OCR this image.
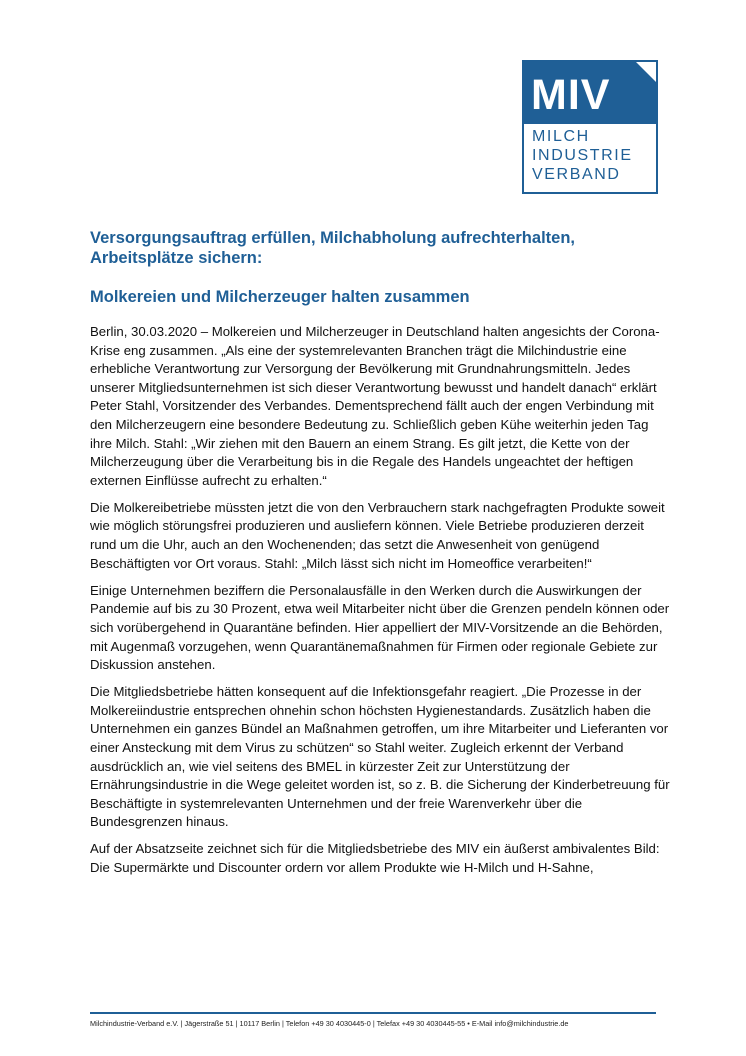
MIV
MILCH
INDUSTRIE
VERBAND
Versorgungsauftrag erfüllen, Milchabholung aufrechterhalten, Arbeitsplätze sichern:
Molkereien und Milcherzeuger halten zusammen

Berlin, 30.03.2020 – Molkereien und Milcherzeuger in Deutschland halten angesichts der Corona-Krise eng zusammen. „Als eine der systemrelevanten Branchen trägt die Milchindustrie eine erhebliche Verantwortung zur Versorgung der Bevölkerung mit Grundnahrungsmitteln. Jedes unserer Mitgliedsunternehmen ist sich dieser Verantwortung bewusst und handelt danach“ erklärt Peter Stahl, Vorsitzender des Verbandes. Dementsprechend fällt auch der engen Verbindung mit den Milcherzeugern eine besondere Bedeutung zu. Schließlich geben Kühe weiterhin jeden Tag ihre Milch. Stahl: „Wir ziehen mit den Bauern an einem Strang. Es gilt jetzt, die Kette von der Milcherzeugung über die Verarbeitung bis in die Regale des Handels ungeachtet der heftigen externen Einflüsse aufrecht zu erhalten.“

Die Molkereibetriebe müssten jetzt die von den Verbrauchern stark nachgefragten Produkte soweit wie möglich störungsfrei produzieren und ausliefern können. Viele Betriebe produzieren derzeit rund um die Uhr, auch an den Wochenenden; das setzt die Anwesenheit von genügend Beschäftigten vor Ort voraus. Stahl: „Milch lässt sich nicht im Homeoffice verarbeiten!“

Einige Unternehmen beziffern die Personalausfälle in den Werken durch die Auswirkungen der Pandemie auf bis zu 30 Prozent, etwa weil Mitarbeiter nicht über die Grenzen pendeln können oder sich vorübergehend in Quarantäne befinden. Hier appelliert der MIV-Vorsitzende an die Behörden, mit Augenmaß vorzugehen, wenn Quarantänemaßnahmen für Firmen oder regionale Gebiete zur Diskussion anstehen.

Die Mitgliedsbetriebe hätten konsequent auf die Infektionsgefahr reagiert. „Die Prozesse in der Molkereiindustrie entsprechen ohnehin schon höchsten Hygienestandards. Zusätzlich haben die Unternehmen ein ganzes Bündel an Maßnahmen getroffen, um ihre Mitarbeiter und Lieferanten vor einer Ansteckung mit dem Virus zu schützen“ so Stahl weiter. Zugleich erkennt der Verband ausdrücklich an, wie viel seitens des BMEL in kürzester Zeit zur Unterstützung der Ernährungsindustrie in die Wege geleitet worden ist, so z. B. die Sicherung der Kinderbetreuung für Beschäftigte in systemrelevanten Unternehmen und der freie Warenverkehr über die Bundesgrenzen hinaus.

Auf der Absatzseite zeichnet sich für die Mitgliedsbetriebe des MIV ein äußerst ambivalentes Bild: Die Supermärkte und Discounter ordern vor allem Produkte wie H-Milch und H-Sahne,

Milchindustrie-Verband e.V. | Jägerstraße 51 | 10117 Berlin | Telefon +49 30 4030445-0 | Telefax +49 30 4030445-55 • E-Mail info@milchindustrie.de
